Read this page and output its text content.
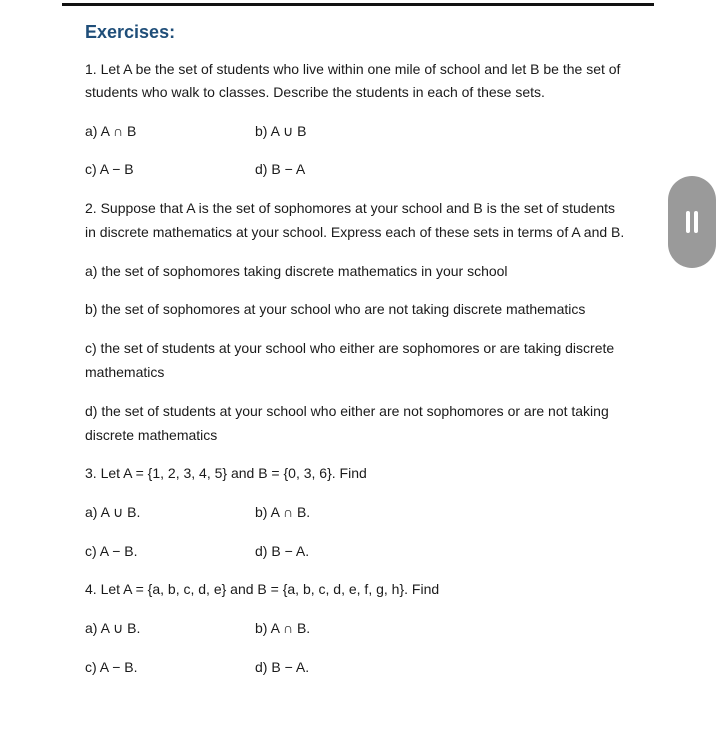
Exercises:
1. Let A be the set of students who live within one mile of school and let B be the set of
students who walk to classes. Describe the students in each of these sets.
a) A ∩ B	b) A ∪ B
c) A − B	d) B − A
2. Suppose that A is the set of sophomores at your school and B is the set of students
in discrete mathematics at your school. Express each of these sets in terms of A and B.
a) the set of sophomores taking discrete mathematics in your school
b) the set of sophomores at your school who are not taking discrete mathematics
c) the set of students at your school who either are sophomores or are taking discrete
mathematics
d) the set of students at your school who either are not sophomores or are not taking
discrete mathematics
3. Let A = {1, 2, 3, 4, 5} and B = {0, 3, 6}. Find
a) A ∪ B.	b) A ∩ B.
c) A − B.	d) B − A.
4. Let A = {a, b, c, d, e} and B = {a, b, c, d, e, f, g, h}. Find
a) A ∪ B.	b) A ∩ B.
c) A − B.	d) B − A.
